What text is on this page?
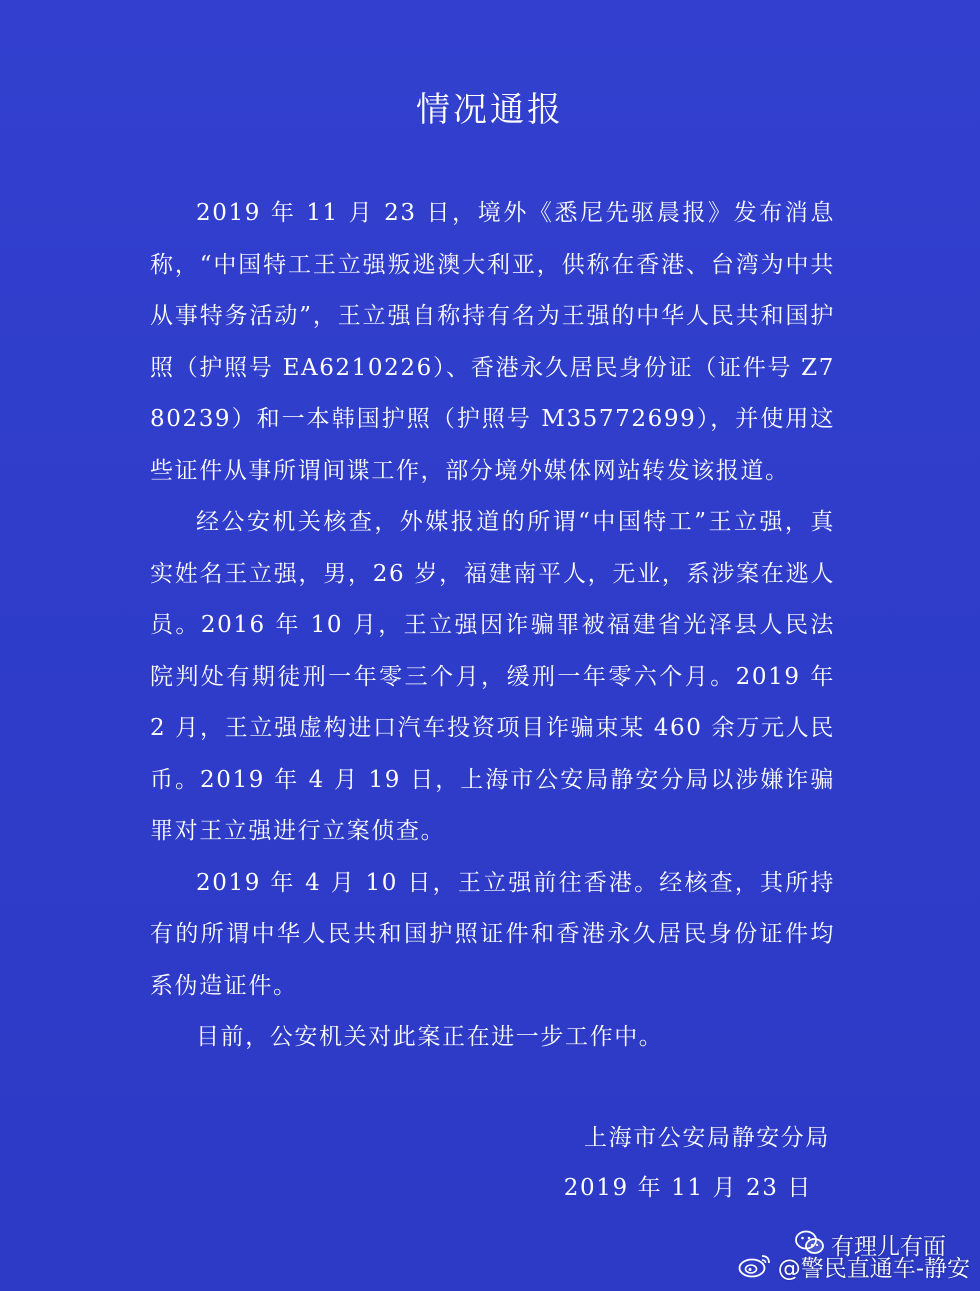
情况通报

2019 年 11 月 23 日，境外《悉尼先驱晨报》发布消息称，“中国特工王立强叛逃澳大利亚，供称在香港、台湾为中共从事特务活动”，王立强自称持有名为王强的中华人民共和国护照（护照号 EA6210226）、香港永久居民身份证（证件号 Z780239）和一本韩国护照（护照号 M35772699），并使用这些证件从事所谓间谍工作，部分境外媒体网站转发该报道。

经公安机关核查，外媒报道的所谓“中国特工”王立强，真实姓名王立强，男，26 岁，福建南平人，无业，系涉案在逃人员。2016 年 10 月，王立强因诈骗罪被福建省光泽县人民法院判处有期徒刑一年零三个月，缓刑一年零六个月。2019 年 2 月，王立强虚构进口汽车投资项目诈骗束某 460 余万元人民币。2019 年 4 月 19 日，上海市公安局静安分局以涉嫌诈骗罪对王立强进行立案侦查。

2019 年 4 月 10 日，王立强前往香港。经核查，其所持有的所谓中华人民共和国护照证件和香港永久居民身份证件均系伪造证件。

目前，公安机关对此案正在进一步工作中。

上海市公安局静安分局
2019 年 11 月 23 日
有理儿有面
@警民直通车-静安
